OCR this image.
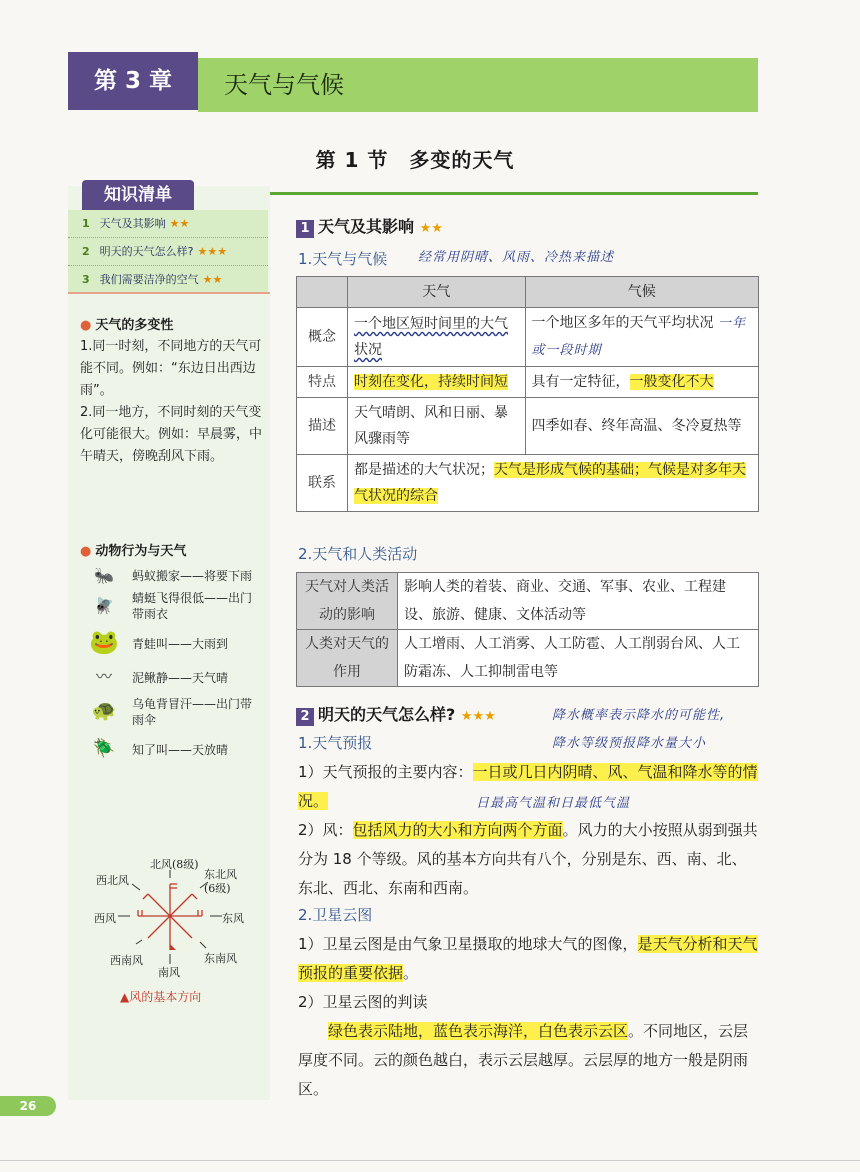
第 3 章	天气与气候
第 1 节　多变的天气
知识清单
1 天气及其影响 ★★
2 明天的天气怎么样? ★★★
3 我们需要洁净的空气 ★★
● 天气的多变性
1.同一时刻，不同地方的天气可能不同。例如：“东边日出西边雨”。
2.同一地方，不同时刻的天气变化可能很大。例如：早晨雾，中午晴天，傍晚刮风下雨。
● 动物行为与天气
🐜	蚂蚁搬家——将要下雨
🪰	蜻蜓飞得很低——出门带雨衣
🐸	青蛙叫——大雨到
〰	泥鳅静——天气晴
🐢	乌龟背冒汗——出门带雨伞
🪲	知了叫——天放晴
北风(8级)
西北风	东北风(6级)
西风	东风
西南风	东南风
南风
▲风的基本方向
1 天气及其影响 ★★
1.天气与气候 经常用阴晴、风雨、冷热来描述
	天气	气候
概念	一个地区短时间里的大气状况	一个地区多年的天气平均状况 一年或一段时期
特点	时刻在变化，持续时间短	具有一定特征，一般变化不大
描述	天气晴朗、风和日丽、暴风骤雨等	四季如春、终年高温、冬冷夏热等
联系	都是描述的大气状况；天气是形成气候的基础；气候是对多年天气状况的综合	
2.天气和人类活动
天气对人类活动的影响	影响人类的着装、商业、交通、军事、农业、工程建设、旅游、健康、文体活动等
人类对天气的作用	人工增雨、人工消雾、人工防雹、人工削弱台风、人工防霜冻、人工抑制雷电等
2 明天的天气怎么样? ★★★	降水概率表示降水的可能性,
降水等级预报降水量大小
1.天气预报
1）天气预报的主要内容：一日或几日内阴晴、风、气温和降水等的情况。	日最高气温和日最低气温
2）风：包括风力的大小和方向两个方面。风力的大小按照从弱到强共分为 18 个等级。风的基本方向共有八个，分别是东、西、南、北、东北、西北、东南和西南。
2.卫星云图
1）卫星云图是由气象卫星摄取的地球大气的图像，是天气分析和天气预报的重要依据。
2）卫星云图的判读
绿色表示陆地，蓝色表示海洋，白色表示云区。不同地区，云层厚度不同。云的颜色越白，表示云层越厚。云层厚的地方一般是阴雨区。
26
